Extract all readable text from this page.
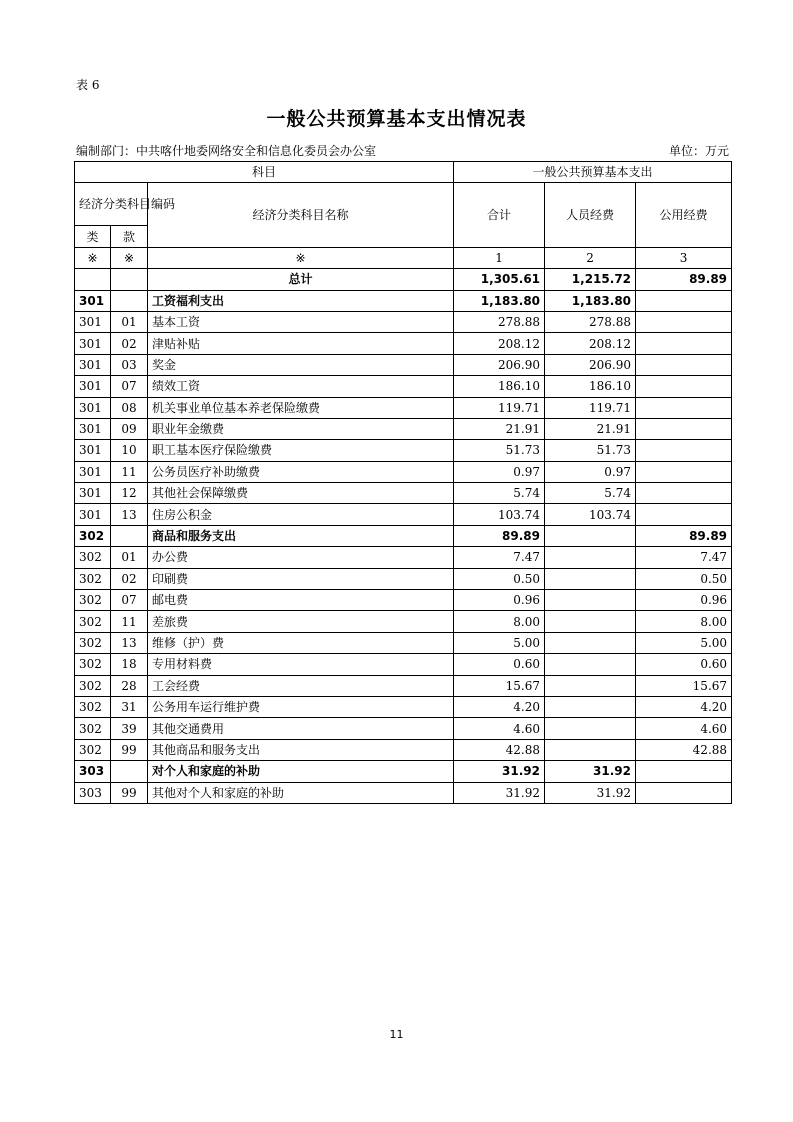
表 6
一般公共预算基本支出情况表
编制部门：中共喀什地委网络安全和信息化委员会办公室	单位：万元
科目			一般公共预算基本支出		
经济分类科目编码		经济分类科目名称	合计	人员经费	公用经费
类	款				
※	※	※	1	2	3
		总计	1,305.61	1,215.72	89.89
301		工资福利支出	1,183.80	1,183.80	
301	01	基本工资	278.88	278.88	
301	02	津贴补贴	208.12	208.12	
301	03	奖金	206.90	206.90	
301	07	绩效工资	186.10	186.10	
301	08	机关事业单位基本养老保险缴费	119.71	119.71	
301	09	职业年金缴费	21.91	21.91	
301	10	职工基本医疗保险缴费	51.73	51.73	
301	11	公务员医疗补助缴费	0.97	0.97	
301	12	其他社会保障缴费	5.74	5.74	
301	13	住房公积金	103.74	103.74	
302		商品和服务支出	89.89		89.89
302	01	办公费	7.47		7.47
302	02	印刷费	0.50		0.50
302	07	邮电费	0.96		0.96
302	11	差旅费	8.00		8.00
302	13	维修（护）费	5.00		5.00
302	18	专用材料费	0.60		0.60
302	28	工会经费	15.67		15.67
302	31	公务用车运行维护费	4.20		4.20
302	39	其他交通费用	4.60		4.60
302	99	其他商品和服务支出	42.88		42.88
303		对个人和家庭的补助	31.92	31.92	
303	99	其他对个人和家庭的补助	31.92	31.92	
11
